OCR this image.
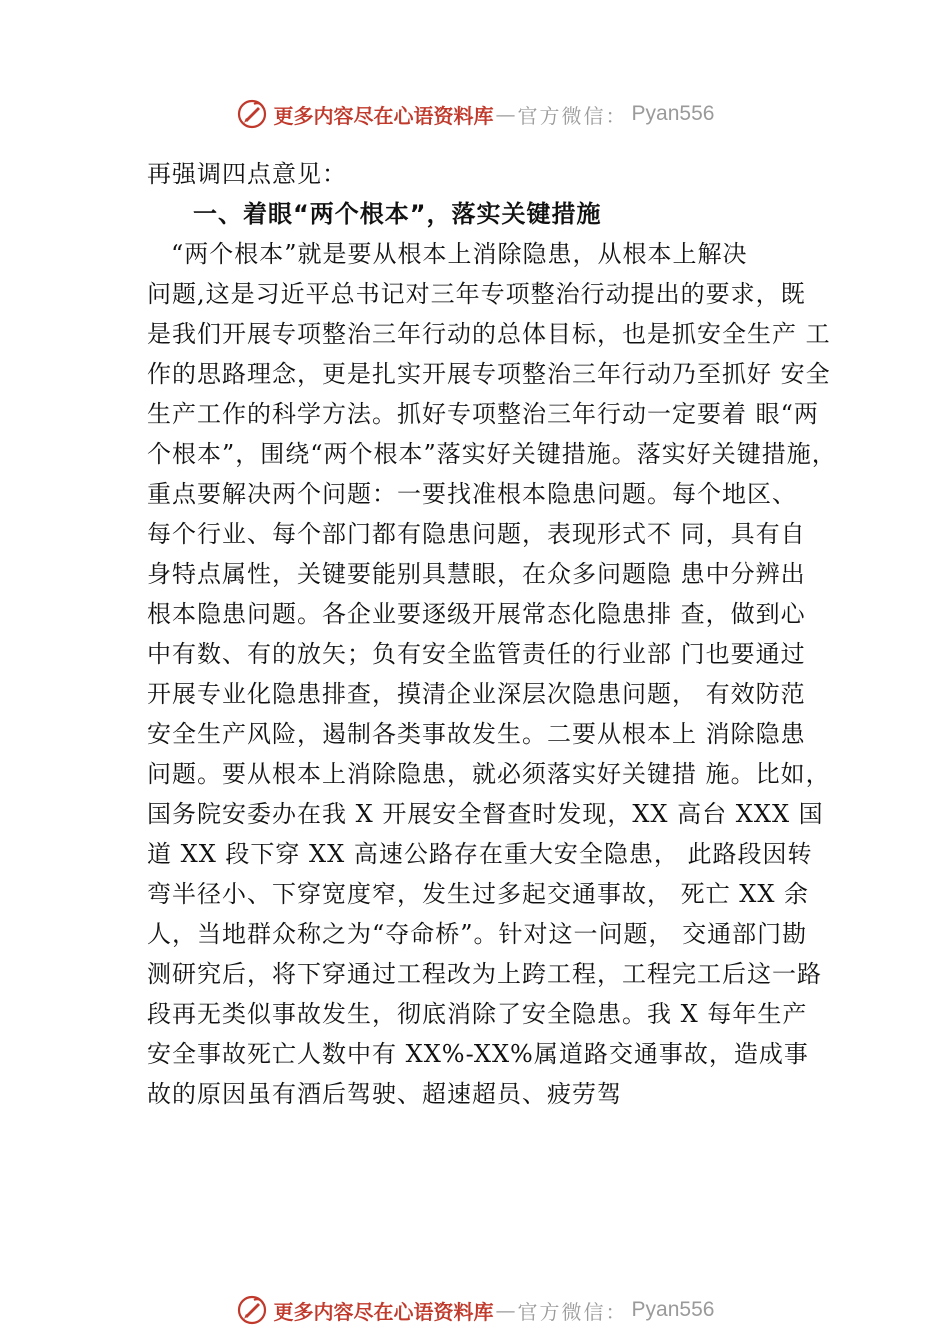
更多内容尽在心语资料库 — 官方微信： Pyan556
再强调四点意见：
一、着眼“两个根本”，落实关键措施
“两个根本”就是要从根本上消除隐患，从根本上解决
问题,这是习近平总书记对三年专项整治行动提出的要求，既
是我们开展专项整治三年行动的总体目标，也是抓安全生产 工
作的思路理念，更是扎实开展专项整治三年行动乃至抓好 安全
生产工作的科学方法。抓好专项整治三年行动一定要着 眼“两
个根本”，围绕“两个根本”落实好关键措施。落实好关键措施，
重点要解决两个问题：一要找准根本隐患问题。每个地区、
每个行业、每个部门都有隐患问题，表现形式不 同，具有自
身特点属性，关键要能别具慧眼，在众多问题隐 患中分辨出
根本隐患问题。各企业要逐级开展常态化隐患排 查，做到心
中有数、有的放矢；负有安全监管责任的行业部 门也要通过
开展专业化隐患排查，摸清企业深层次隐患问题， 有效防范
安全生产风险，遏制各类事故发生。二要从根本上 消除隐患
问题。要从根本上消除隐患，就必须落实好关键措 施。比如，
国务院安委办在我 X 开展安全督查时发现，XX 高台 XXX 国
道 XX 段下穿 XX 高速公路存在重大安全隐患， 此路段因转
弯半径小、下穿宽度窄，发生过多起交通事故， 死亡 XX 余
人，当地群众称之为“夺命桥”。针对这一问题， 交通部门勘
测研究后，将下穿通过工程改为上跨工程，工程完工后这一路
段再无类似事故发生，彻底消除了安全隐患。我 X 每年生产
安全事故死亡人数中有 XX%-XX%属道路交通事故，造成事
故的原因虽有酒后驾驶、超速超员、疲劳驾
更多内容尽在心语资料库 — 官方微信： Pyan556
